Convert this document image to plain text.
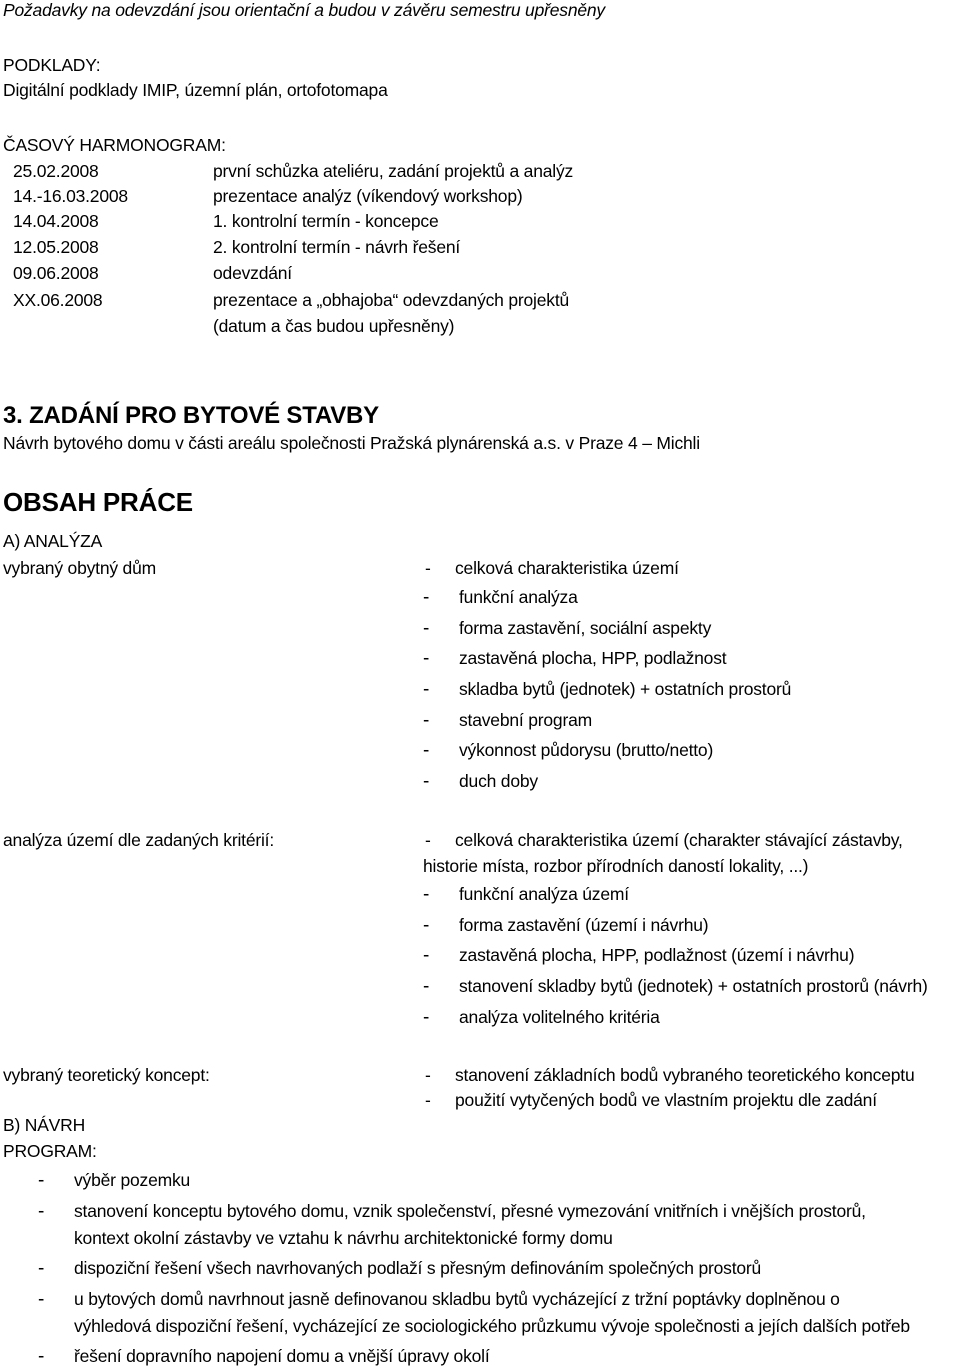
Požadavky na odevzdání jsou orientační a budou v závěru semestru upřesněny
PODKLADY:
Digitální podklady IMIP, územní plán, ortofotomapa
ČASOVÝ HARMONOGRAM:
25.02.2008	první schůzka ateliéru, zadání projektů a analýz
14.-16.03.2008	prezentace analýz (víkendový workshop)
14.04.2008	1. kontrolní termín - koncepce
12.05.2008	2. kontrolní termín - návrh řešení
09.06.2008	odevzdání
XX.06.2008	prezentace a „obhajoba“ odevzdaných projektů
(datum a čas budou upřesněny)
3. ZADÁNÍ PRO BYTOVÉ STAVBY
Návrh bytového domu v části areálu společnosti Pražská plynárenská a.s. v Praze 4 – Michli
OBSAH PRÁCE
A) ANALÝZA
vybraný obytný dům	- celková charakteristika území
- funkční analýza
- forma zastavění, sociální aspekty
- zastavěná plocha, HPP, podlažnost
- skladba bytů (jednotek) + ostatních prostorů
- stavební program
- výkonnost půdorysu (brutto/netto)
- duch doby
analýza území dle zadaných kritérií:	- celková charakteristika území (charakter stávající zástavby,
historie místa, rozbor přírodních daností lokality, ...)
- funkční analýza území
- forma zastavění (území i návrhu)
- zastavěná plocha, HPP, podlažnost (území i návrhu)
- stanovení skladby bytů (jednotek) + ostatních prostorů (návrh)
- analýza volitelného kritéria
vybraný teoretický koncept:	- stanovení základních bodů vybraného teoretického konceptu
- použití vytyčených bodů ve vlastním projektu dle zadání
B) NÁVRH
PROGRAM:
- výběr pozemku
- stanovení konceptu bytového domu, vznik společenství, přesné vymezování vnitřních i vnějších prostorů,
kontext okolní zástavby ve vztahu k návrhu architektonické formy domu
- dispoziční řešení všech navrhovaných podlaží s přesným definováním společných prostorů
- u bytových domů navrhnout jasně definovanou skladbu bytů vycházející z tržní poptávky doplněnou o
výhledová dispoziční řešení, vycházející ze sociologického průzkumu vývoje společnosti a jejích dalších potřeb
- řešení dopravního napojení domu a vnější úpravy okolí
